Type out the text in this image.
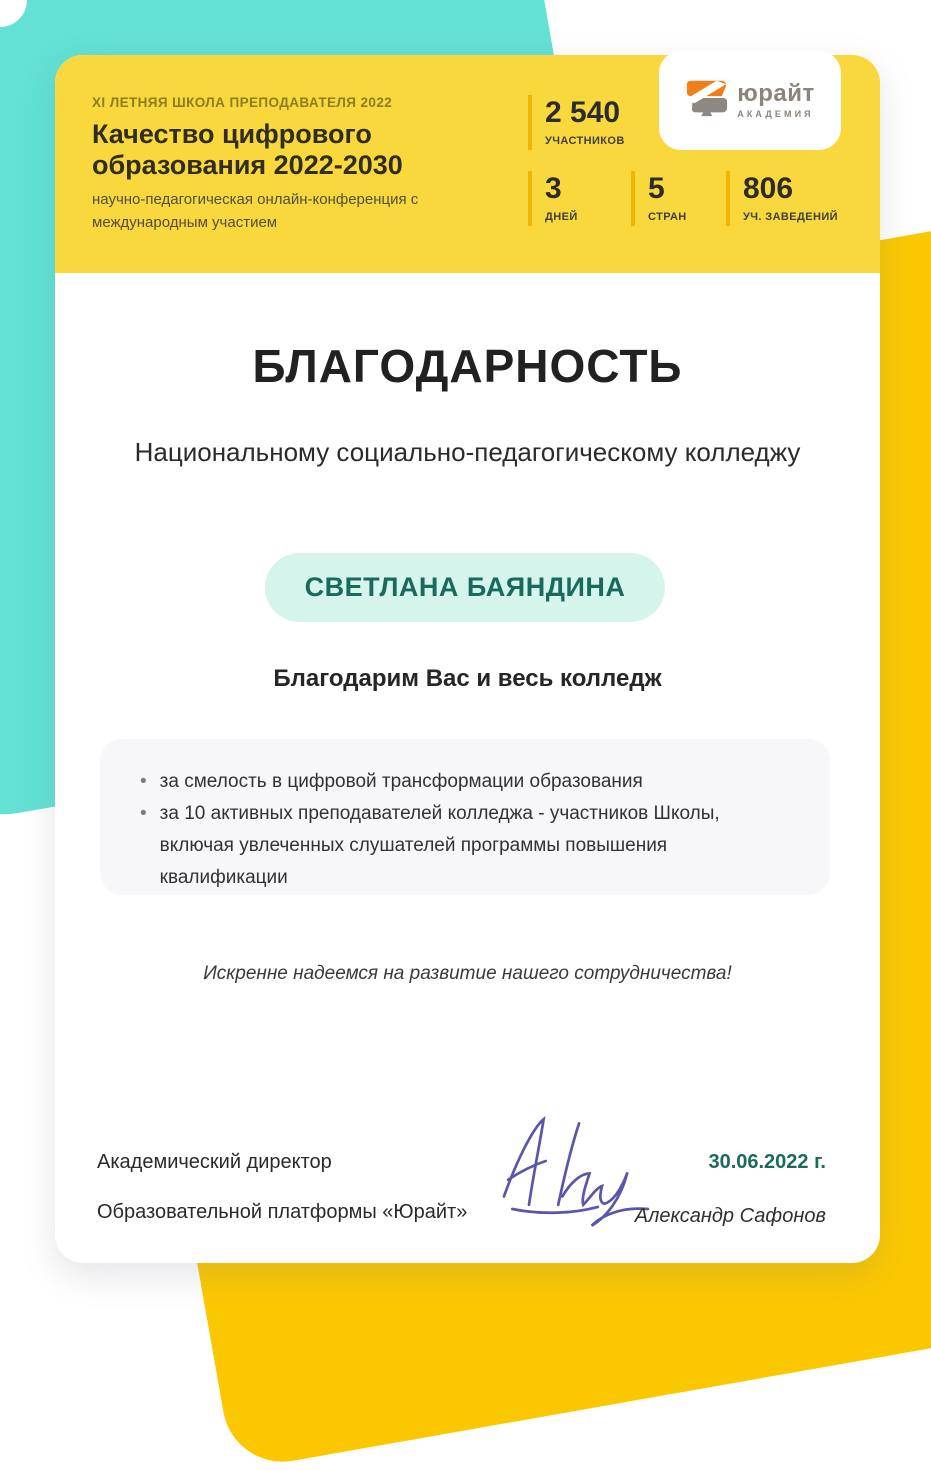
XI ЛЕТНЯЯ ШКОЛА ПРЕПОДАВАТЕЛЯ 2022
Качество цифрового образования 2022-2030
научно-педагогическая онлайн-конференция с международным участием
2 540
УЧАСТНИКОВ
3
ДНЕЙ
5
СТРАН
806
УЧ. ЗАВЕДЕНИЙ
юрайт
АКАДЕМИЯ
БЛАГОДАРНОСТЬ
Национальному социально-педагогическому колледжу
СВЕТЛАНА БАЯНДИНА
Благодарим Вас и весь колледж
• за смелость в цифровой трансформации образования
• за 10 активных преподавателей колледжа - участников Школы, включая увлеченных слушателей программы повышения квалификации
Искренне надеемся на развитие нашего сотрудничества!
Академический директор
Образовательной платформы «Юрайт»
30.06.2022 г.
Александр Сафонов
